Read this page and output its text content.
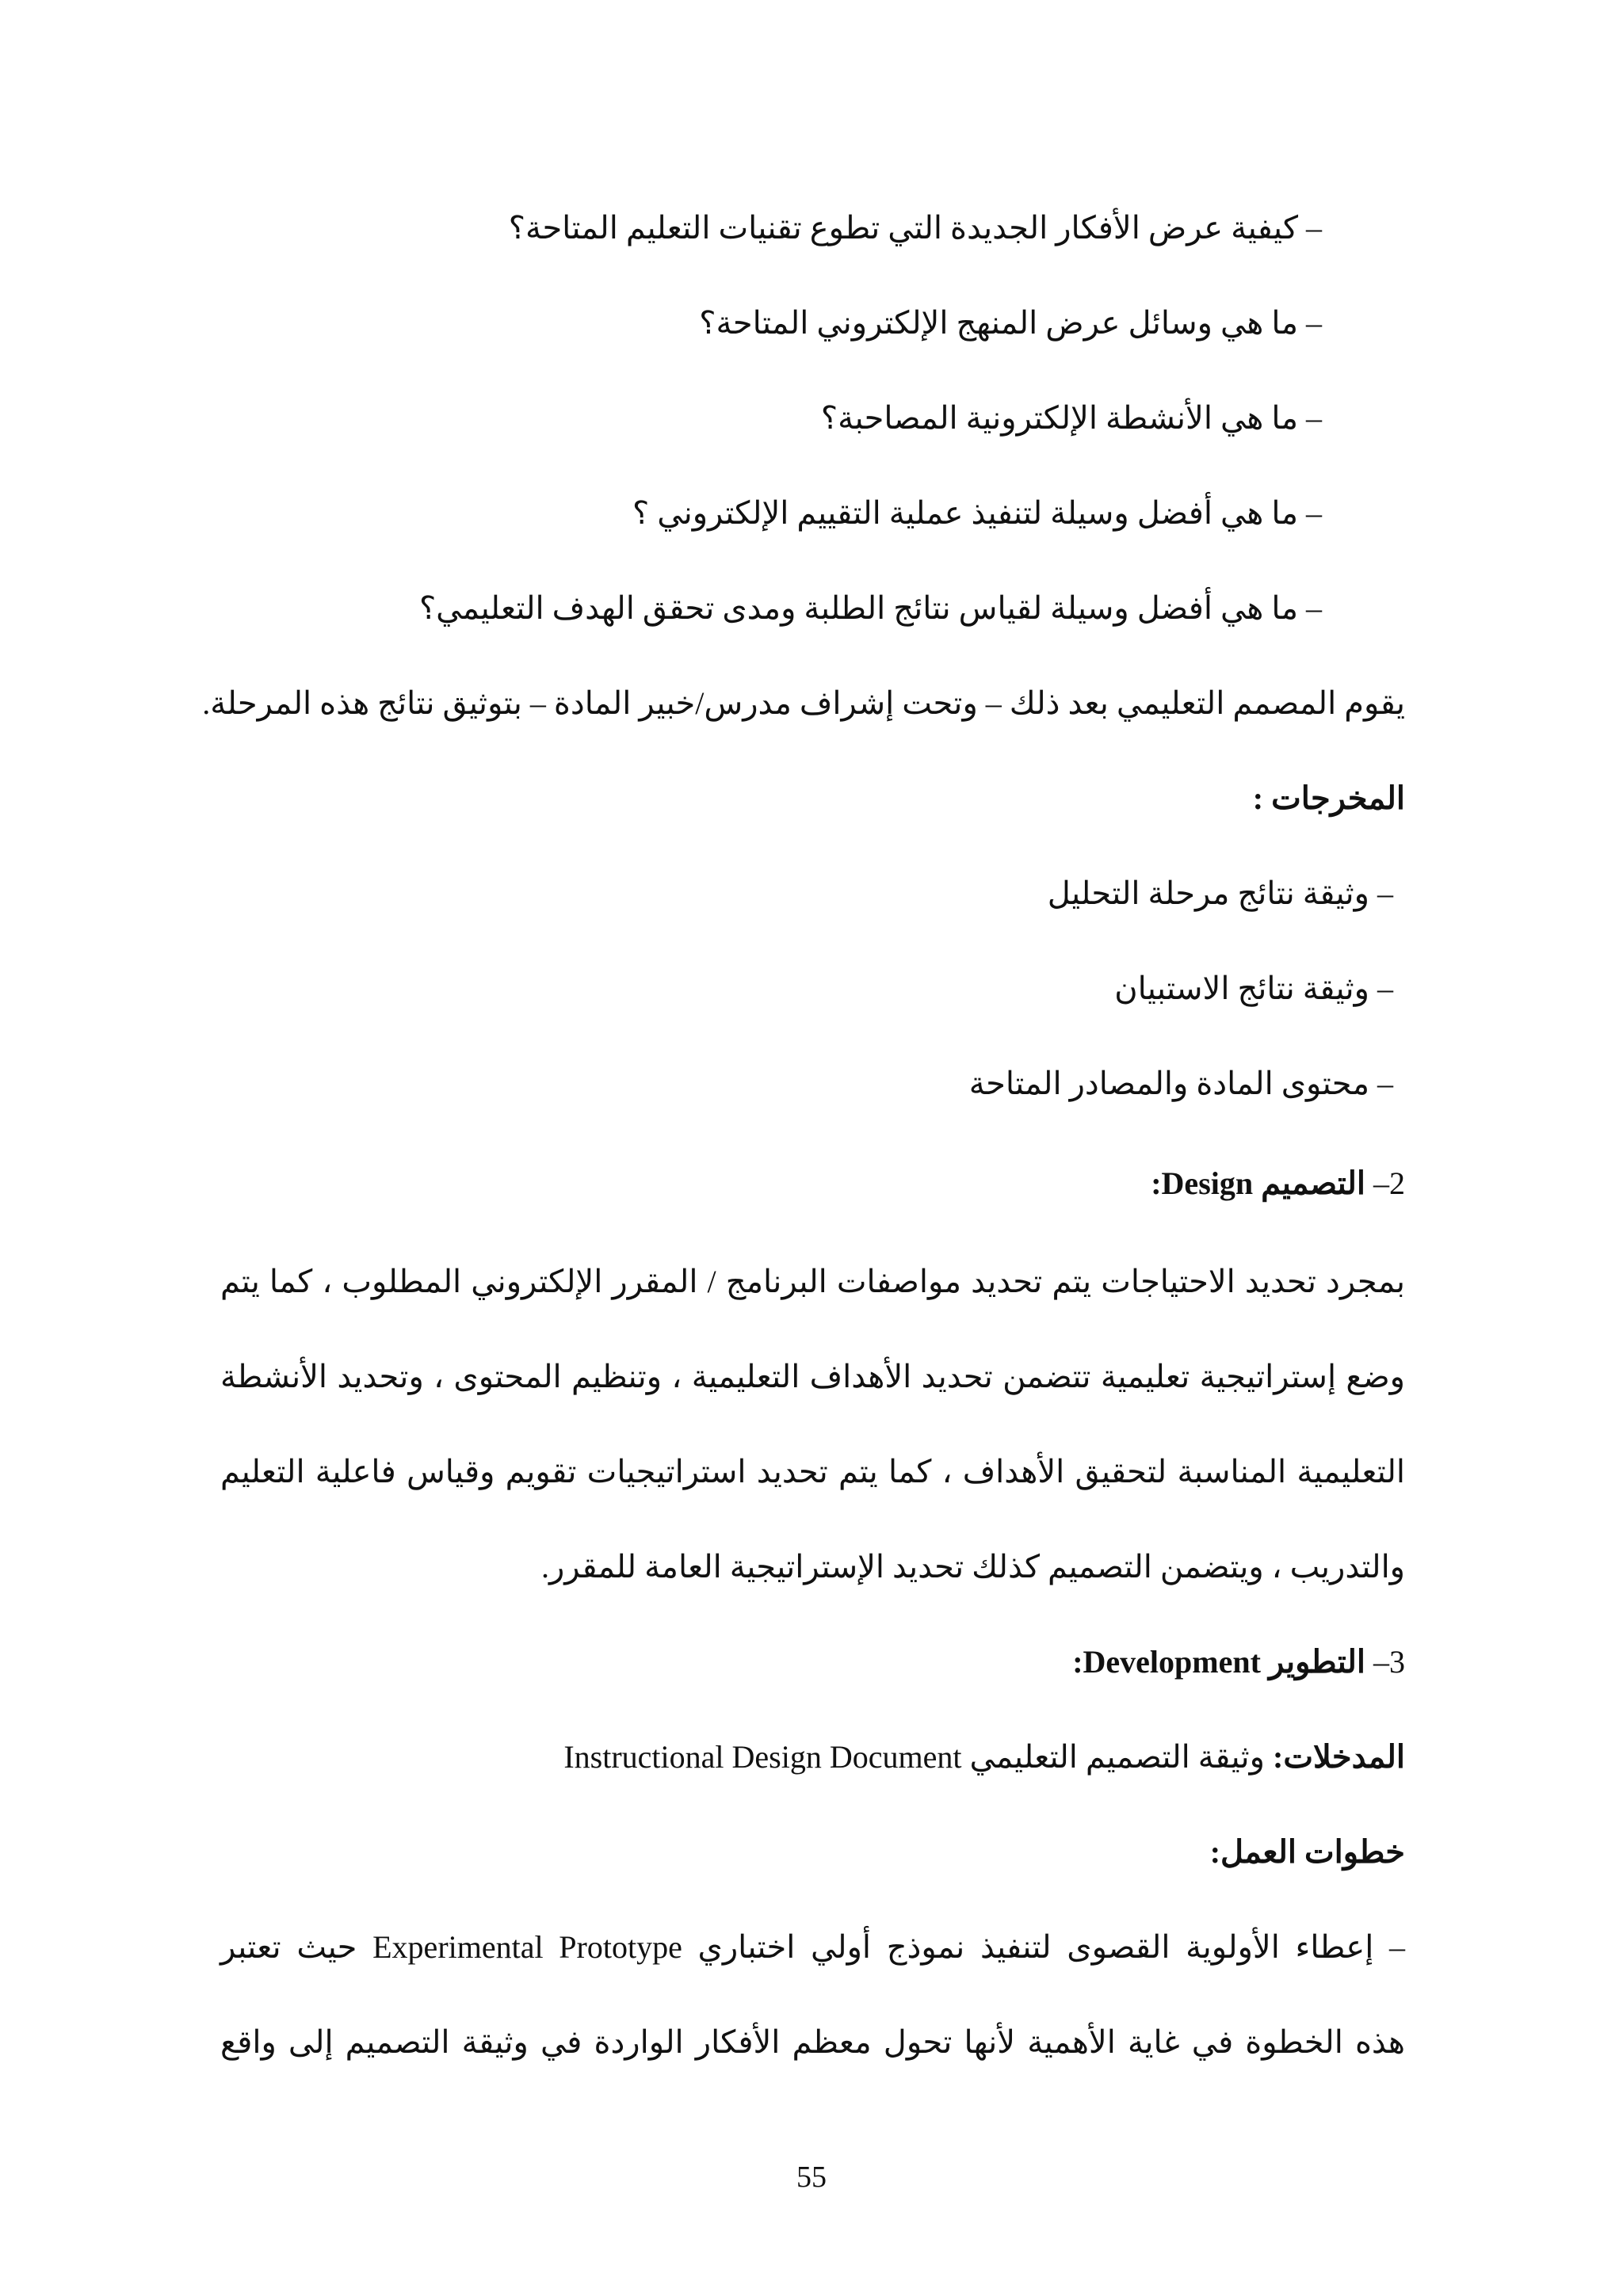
– كيفية عرض الأفكار الجديدة التي تطوع تقنيات التعليم المتاحة؟
– ما هي وسائل عرض المنهج الإلكتروني المتاحة؟
– ما هي الأنشطة الإلكترونية المصاحبة؟
– ما هي أفضل وسيلة لتنفيذ عملية التقييم الإلكتروني ؟
– ما هي أفضل وسيلة لقياس نتائج الطلبة ومدى تحقق الهدف التعليمي؟
يقوم المصمم التعليمي بعد ذلك – وتحت إشراف مدرس/خبير المادة – بتوثيق نتائج هذه المرحلة.
المخرجات :
– وثيقة نتائج مرحلة التحليل
– وثيقة نتائج الاستبيان
– محتوى المادة والمصادر المتاحة
2– التصميم Design:
بمجرد تحديد الاحتياجات يتم تحديد مواصفات البرنامج / المقرر الإلكتروني المطلوب ، كما يتم
وضع إستراتيجية تعليمية تتضمن تحديد الأهداف التعليمية ، وتنظيم المحتوى ، وتحديد الأنشطة
التعليمية المناسبة لتحقيق الأهداف ، كما يتم تحديد استراتيجيات تقويم وقياس فاعلية التعليم
والتدريب ، ويتضمن التصميم كذلك تحديد الإستراتيجية العامة للمقرر.
3– التطوير Development:
المدخلات: وثيقة التصميم التعليمي Instructional Design Document
خطوات العمل:
– إعطاء الأولوية القصوى لتنفيذ نموذج أولي اختباري Experimental Prototype حيث تعتبر
هذه الخطوة في غاية الأهمية لأنها تحول معظم الأفكار الواردة في وثيقة التصميم إلى واقع
55
